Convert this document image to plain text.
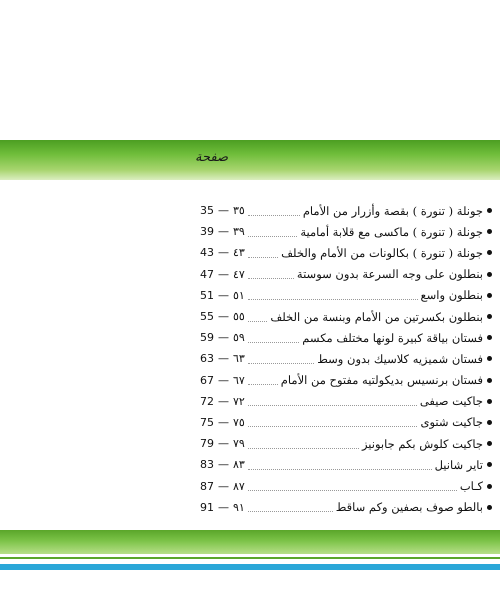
صفحة
جونلة ( تنورة ) بقصة وأزرار من الأمام
35 — ٣٥
جونلة ( تنورة ) ماكسى مع قلابة أمامية
39 — ٣٩
جونلة ( تنورة ) بكالونات من الأمام والخلف
43 — ٤٣
بنطلون على وجه السرعة بدون سوستة
47 — ٤٧
بنطلون واسع
51 — ٥١
بنطلون بكسرتين من الأمام وبنسة من الخلف
55 — ٥٥
فستان بياقة كبيرة لونها مختلف مكسم
59 — ٥٩
فستان شميزيه كلاسيك بدون وسط
63 — ٦٣
فستان برنسيس بديكولتيه مفتوح من الأمام
67 — ٦٧
جاكيت صيفى
72 — ٧٢
جاكيت شتوى
75 — ٧٥
جاكيت كلوش بكم جابونيز
79 — ٧٩
تاير شانيل
83 — ٨٣
كـاب
87 — ٨٧
بالطو صوف بصفين وكم ساقط
91 — ٩١
